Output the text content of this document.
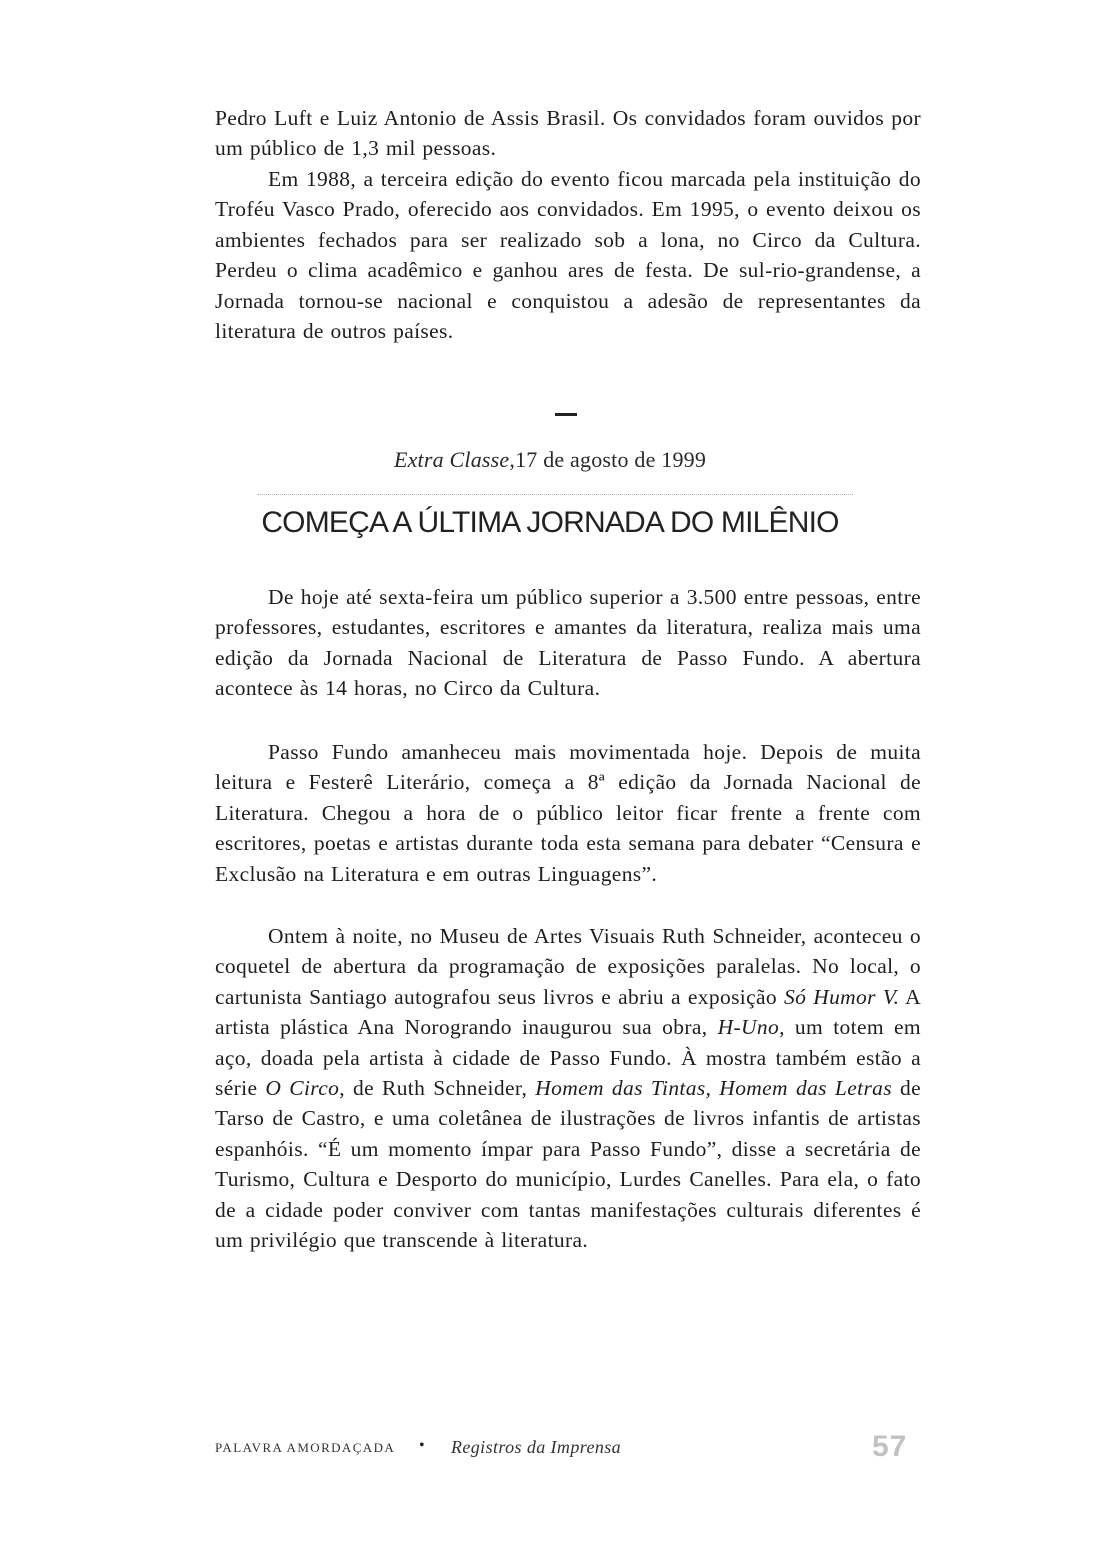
Pedro Luft e Luiz Antonio de Assis Brasil. Os convidados foram ouvidos por um público de 1,3 mil pessoas.

Em 1988, a terceira edição do evento ficou marcada pela instituição do Troféu Vasco Prado, oferecido aos convidados. Em 1995, o evento deixou os ambientes fechados para ser realizado sob a lona, no Circo da Cultura. Perdeu o clima acadêmico e ganhou ares de festa. De sul-rio-grandense, a Jornada tornou-se nacional e conquistou a adesão de representantes da literatura de outros países.

Extra Classe,17 de agosto de 1999
COMEÇA A ÚLTIMA JORNADA DO MILÊNIO

De hoje até sexta-feira um público superior a 3.500 entre pessoas, entre professores, estudantes, escritores e amantes da literatura, realiza mais uma edição da Jornada Nacional de Literatura de Passo Fundo. A abertura acontece às 14 horas, no Circo da Cultura.

Passo Fundo amanheceu mais movimentada hoje. Depois de muita leitura e Festerê Literário, começa a 8ª edição da Jornada Nacional de Literatura. Chegou a hora de o público leitor ficar frente a frente com escritores, poetas e artistas durante toda esta semana para debater “Censura e Exclusão na Literatura e em outras Linguagens”.

Ontem à noite, no Museu de Artes Visuais Ruth Schneider, aconteceu o coquetel de abertura da programação de exposições paralelas. No local, o cartunista Santiago autografou seus livros e abriu a exposição Só Humor V. A artista plástica Ana Norogrando inaugurou sua obra, H-Uno, um totem em aço, doada pela artista à cidade de Passo Fundo. À mostra também estão a série O Circo, de Ruth Schneider, Homem das Tintas, Homem das Letras de Tarso de Castro, e uma coletânea de ilustrações de livros infantis de artistas espanhóis. “É um momento ímpar para Passo Fundo”, disse a secretária de Turismo, Cultura e Desporto do município, Lurdes Canelles. Para ela, o fato de a cidade poder conviver com tantas manifestações culturais diferentes é um privilégio que transcende à literatura.

PALAVRA AMORDAÇADA • Registros da Imprensa	57
